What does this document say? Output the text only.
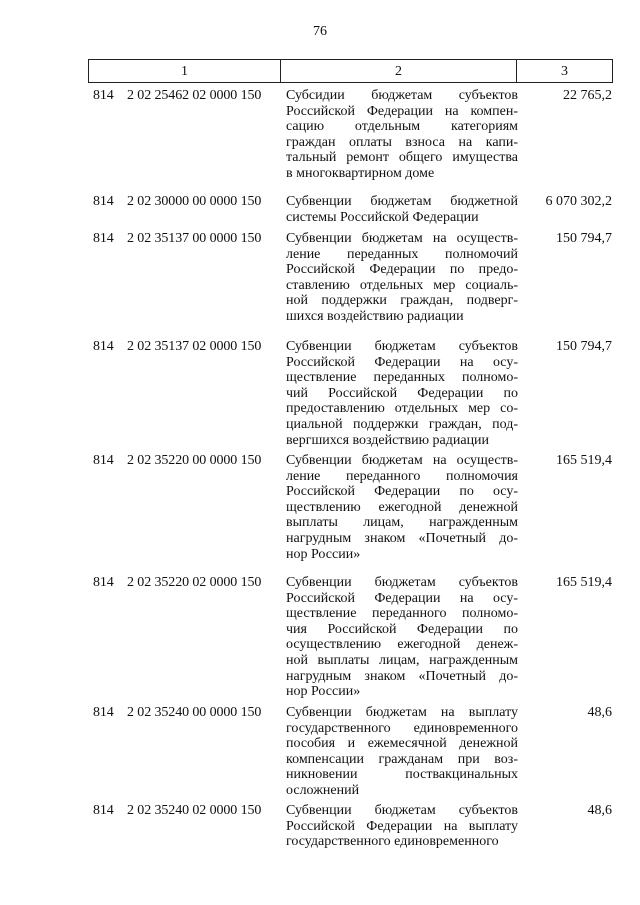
76
1	2	3
814 2 02 25462 02 0000 150 Субсидии бюджетам субъектов
Российской Федерации на компен-
сацию отдельным категориям
граждан оплаты взноса на капи-
тальный ремонт общего имущества
в многоквартирном доме
22 765,2
814 2 02 30000 00 0000 150 Субвенции бюджетам бюджетной
системы Российской Федерации
6 070 302,2
814 2 02 35137 00 0000 150 Субвенции бюджетам на осуществ-
ление переданных полномочий
Российской Федерации по предо-
ставлению отдельных мер социаль-
ной поддержки граждан, подверг-
шихся воздействию радиации
150 794,7
814 2 02 35137 02 0000 150 Субвенции бюджетам субъектов
Российской Федерации на осу-
ществление переданных полномо-
чий Российской Федерации по
предоставлению отдельных мер со-
циальной поддержки граждан, под-
вергшихся воздействию радиации
150 794,7
814 2 02 35220 00 0000 150 Субвенции бюджетам на осуществ-
ление переданного полномочия
Российской Федерации по осу-
ществлению ежегодной денежной
выплаты лицам, награжденным
нагрудным знаком «Почетный до-
нор России»
165 519,4
814 2 02 35220 02 0000 150 Субвенции бюджетам субъектов
Российской Федерации на осу-
ществление переданного полномо-
чия Российской Федерации по
осуществлению ежегодной денеж-
ной выплаты лицам, награжденным
нагрудным знаком «Почетный до-
нор России»
165 519,4
814 2 02 35240 00 0000 150 Субвенции бюджетам на выплату
государственного единовременного
пособия и ежемесячной денежной
компенсации гражданам при воз-
никновении поствакцинальных
осложнений
48,6
814 2 02 35240 02 0000 150 Субвенции бюджетам субъектов
Российской Федерации на выплату
государственного единовременного
48,6
